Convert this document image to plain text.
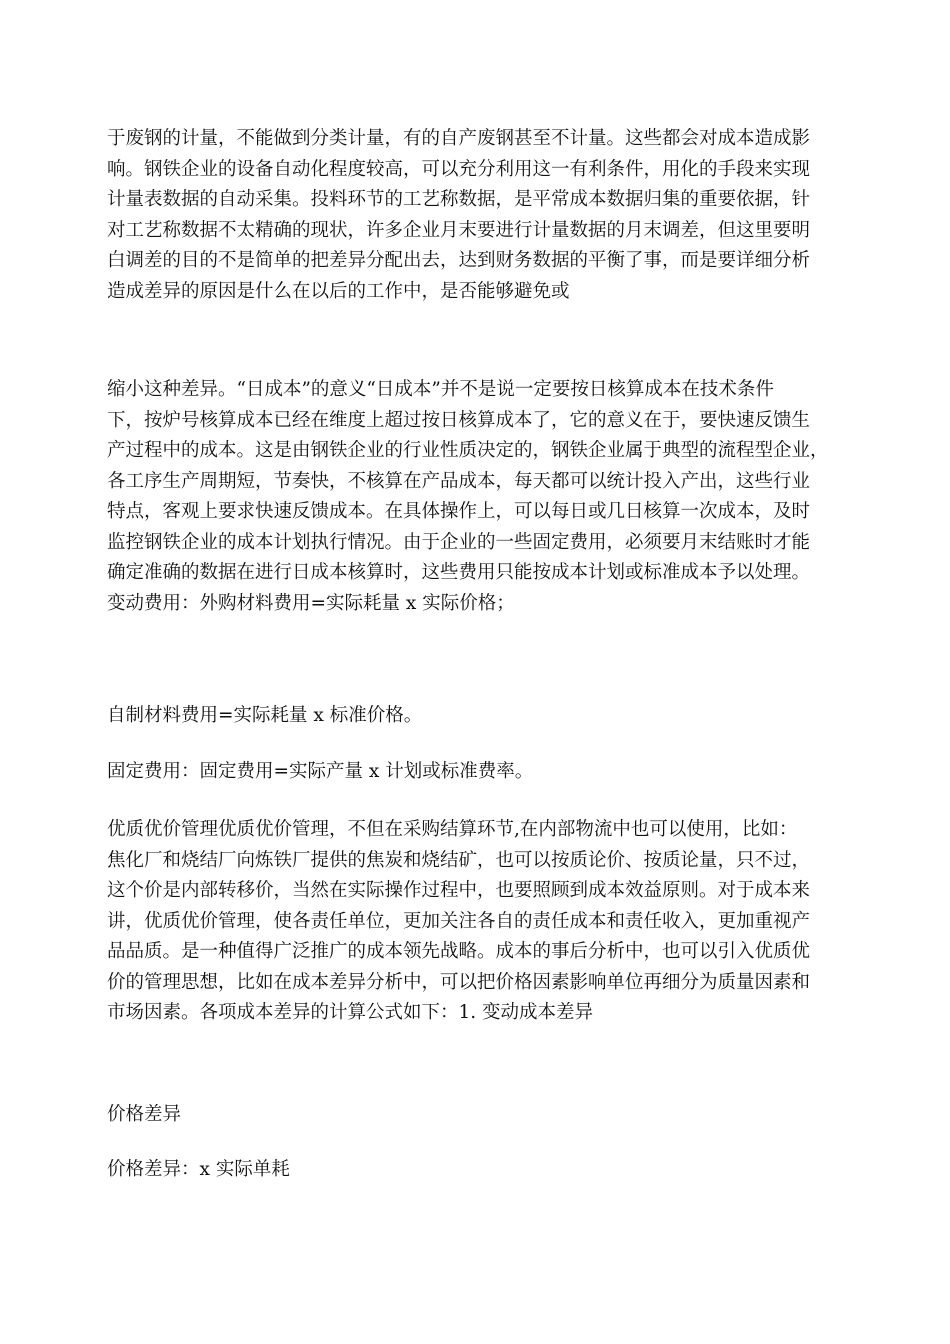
于废钢的计量，不能做到分类计量，有的自产废钢甚至不计量。这些都会对成本造成影
响。钢铁企业的设备自动化程度较高，可以充分利用这一有利条件，用化的手段来实现
计量表数据的自动采集。投料环节的工艺称数据，是平常成本数据归集的重要依据，针
对工艺称数据不太精确的现状，许多企业月末要进行计量数据的月末调差，但这里要明
白调差的目的不是简单的把差异分配出去，达到财务数据的平衡了事，而是要详细分析
造成差异的原因是什么在以后的工作中，是否能够避免或

缩小这种差异。“日成本”的意义“日成本”并不是说一定要按日核算成本在技术条件
下，按炉号核算成本已经在维度上超过按日核算成本了，它的意义在于，要快速反馈生
产过程中的成本。这是由钢铁企业的行业性质决定的，钢铁企业属于典型的流程型企业，
各工序生产周期短，节奏快，不核算在产品成本，每天都可以统计投入产出，这些行业
特点，客观上要求快速反馈成本。在具体操作上，可以每日或几日核算一次成本，及时
监控钢铁企业的成本计划执行情况。由于企业的一些固定费用，必须要月末结账时才能
确定准确的数据在进行日成本核算时，这些费用只能按成本计划或标准成本予以处理。
变动费用：外购材料费用=实际耗量 x 实际价格；

自制材料费用=实际耗量 x 标准价格。

固定费用：固定费用=实际产量 x 计划或标准费率。

优质优价管理优质优价管理，不但在采购结算环节,在内部物流中也可以使用，比如：
焦化厂和烧结厂向炼铁厂提供的焦炭和烧结矿，也可以按质论价、按质论量，只不过，
这个价是内部转移价，当然在实际操作过程中，也要照顾到成本效益原则。对于成本来
讲，优质优价管理，使各责任单位，更加关注各自的责任成本和责任收入，更加重视产
品品质。是一种值得广泛推广的成本领先战略。成本的事后分析中，也可以引入优质优
价的管理思想，比如在成本差异分析中，可以把价格因素影响单位再细分为质量因素和
市场因素。各项成本差异的计算公式如下：1. 变动成本差异

价格差异

价格差异：x 实际单耗
